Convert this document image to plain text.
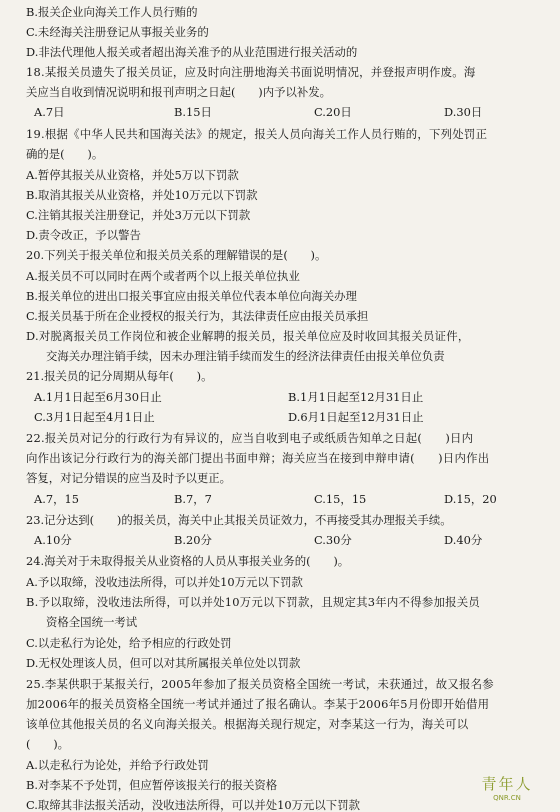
B.报关企业向海关工作人员行贿的
C.未经海关注册登记从事报关业务的
D.非法代理他人报关或者超出海关准予的从业范围进行报关活动的
18.某报关员遗失了报关员证，应及时向注册地海关书面说明情况，并登报声明作废。海
关应当自收到情况说明和报刊声明之日起(　　)内予以补发。
A.7日	B.15日	C.20日	D.30日
19.根据《中华人民共和国海关法》的规定，报关人员向海关工作人员行贿的，下列处罚正
确的是(　　)。
A.暂停其报关从业资格，并处5万以下罚款
B.取消其报关从业资格，并处10万元以下罚款
C.注销其报关注册登记，并处3万元以下罚款
D.责令改正，予以警告
20.下列关于报关单位和报关员关系的理解错误的是(　　)。
A.报关员不可以同时在两个或者两个以上报关单位执业
B.报关单位的进出口报关事宜应由报关单位代表本单位向海关办理
C.报关员基于所在企业授权的报关行为，其法律责任应由报关员承担
D.对脱离报关员工作岗位和被企业解聘的报关员，报关单位应及时收回其报关员证件，
交海关办理注销手续，因未办理注销手续而发生的经济法律责任由报关单位负责
21.报关员的记分周期从每年(　　)。
A.1月1日起至6月30日止	B.1月1日起至12月31日止
C.3月1日起至4月1日止	D.6月1日起至12月31日止
22.报关员对记分的行政行为有异议的，应当自收到电子或纸质告知单之日起(　　)日内
向作出该记分行政行为的海关部门提出书面申辩；海关应当在接到申辩申请(　　)日内作出
答复，对记分错误的应当及时予以更正。
A.7，15	B.7，7	C.15，15	D.15，20
23.记分达到(　　)的报关员，海关中止其报关员证效力，不再接受其办理报关手续。
A.10分	B.20分	C.30分	D.40分
24.海关对于未取得报关从业资格的人员从事报关业务的(　　)。
A.予以取缔，没收违法所得，可以并处10万元以下罚款
B.予以取缔，没收违法所得，可以并处10万元以下罚款，且规定其3年内不得参加报关员
资格全国统一考试
C.以走私行为论处，给予相应的行政处罚
D.无权处理该人员，但可以对其所属报关单位处以罚款
25.李某供职于某报关行，2005年参加了报关员资格全国统一考试，未获通过，故又报名参
加2006年的报关员资格全国统一考试并通过了报名确认。李某于2006年5月份即开始借用
该单位其他报关员的名义向海关报关。根据海关现行规定，对李某这一行为，海关可以
(　　)。
A.以走私行为论处，并给予行政处罚
B.对李某不予处罚，但应暂停该报关行的报关资格
C.取缔其非法报关活动，没收违法所得，可以并处10万元以下罚款
青年人
QNR.CN
